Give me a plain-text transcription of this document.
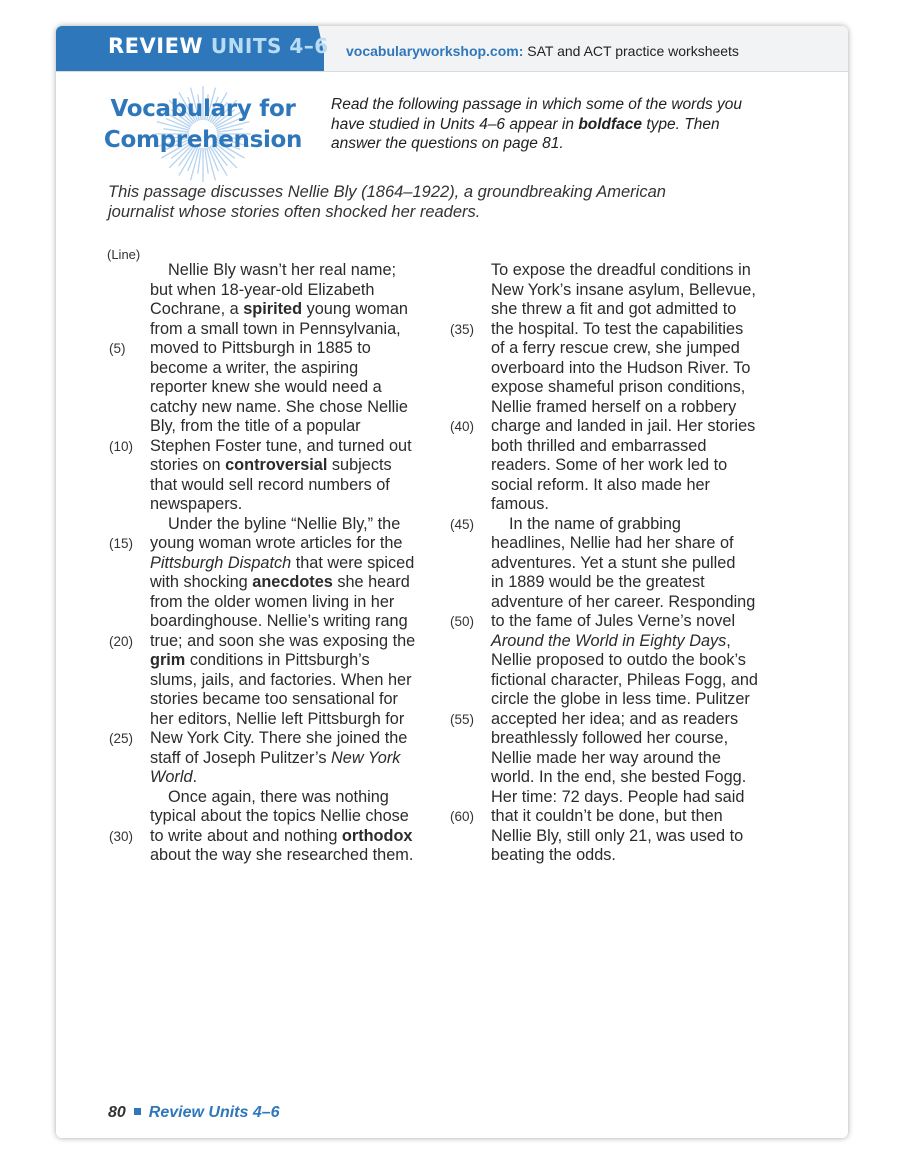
REVIEW UNITS 4–6 vocabularyworkshop.com: SAT and ACT practice worksheets
Vocabulary for
Comprehension
Read the following passage in which some of the words you have studied in Units 4–6 appear in boldface type. Then answer the questions on page 81.
This passage discusses Nellie Bly (1864–1922), a groundbreaking American journalist whose stories often shocked her readers.
(Line)
Nellie Bly wasn’t her real name;
but when 18-year-old Elizabeth
Cochrane, a spirited young woman
from a small town in Pennsylvania,
moved to Pittsburgh in 1885 to
become a writer, the aspiring
reporter knew she would need a
catchy new name. She chose Nellie
Bly, from the title of a popular
Stephen Foster tune, and turned out
stories on controversial subjects
that would sell record numbers of
newspapers.
Under the byline “Nellie Bly,” the
young woman wrote articles for the
Pittsburgh Dispatch that were spiced
with shocking anecdotes she heard
from the older women living in her
boardinghouse. Nellie’s writing rang
true; and soon she was exposing the
grim conditions in Pittsburgh’s
slums, jails, and factories. When her
stories became too sensational for
her editors, Nellie left Pittsburgh for
New York City. There she joined the
staff of Joseph Pulitzer’s New York
World.
Once again, there was nothing
typical about the topics Nellie chose
to write about and nothing orthodox
about the way she researched them.
To expose the dreadful conditions in
New York’s insane asylum, Bellevue,
she threw a fit and got admitted to
the hospital. To test the capabilities
of a ferry rescue crew, she jumped
overboard into the Hudson River. To
expose shameful prison conditions,
Nellie framed herself on a robbery
charge and landed in jail. Her stories
both thrilled and embarrassed
readers. Some of her work led to
social reform. It also made her
famous.
In the name of grabbing
headlines, Nellie had her share of
adventures. Yet a stunt she pulled
in 1889 would be the greatest
adventure of her career. Responding
to the fame of Jules Verne’s novel
Around the World in Eighty Days,
Nellie proposed to outdo the book’s
fictional character, Phileas Fogg, and
circle the globe in less time. Pulitzer
accepted her idea; and as readers
breathlessly followed her course,
Nellie made her way around the
world. In the end, she bested Fogg.
Her time: 72 days. People had said
that it couldn’t be done, but then
Nellie Bly, still only 21, was used to
beating the odds.
(5)
(10)
(15)
(20)
(25)
(30)
(35)
(40)
(45)
(50)
(55)
(60)
80 Review Units 4–6
